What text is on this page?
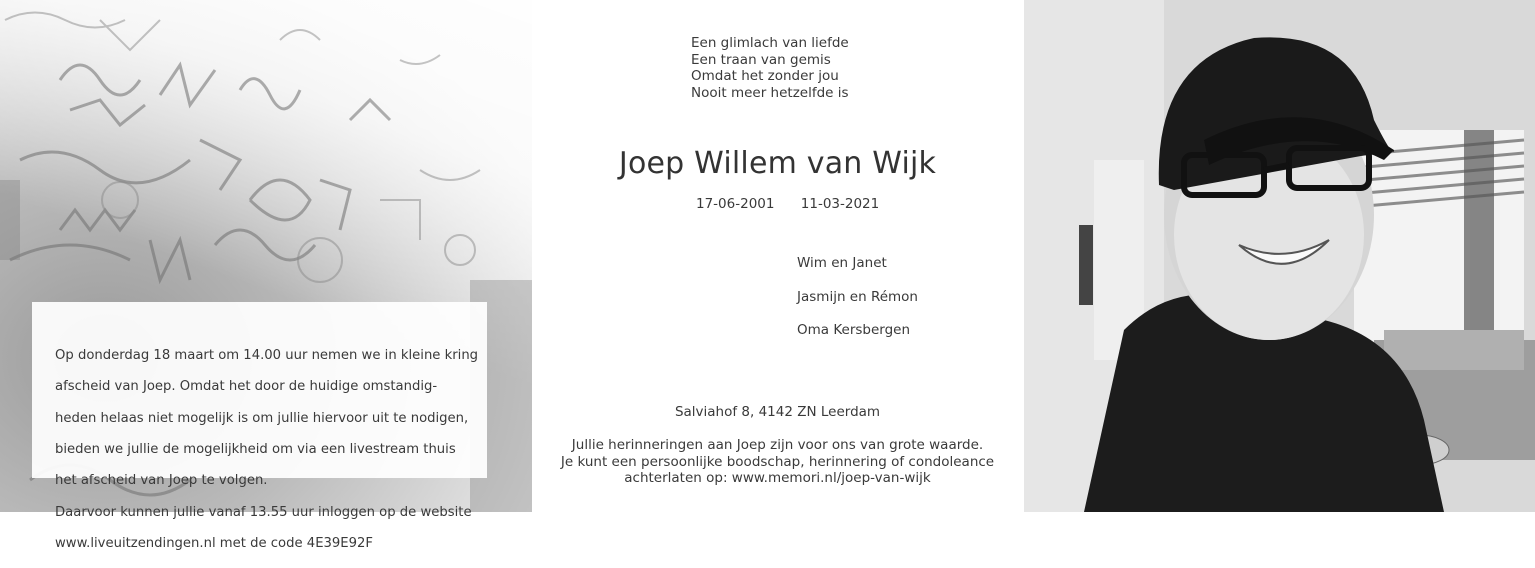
Op donderdag 18 maart om 14.00 uur nemen we in kleine kring

afscheid van Joep. Omdat het door de huidige omstandig-

heden helaas niet mogelijk is om jullie hiervoor uit te nodigen,

bieden we jullie de mogelijkheid om via een livestream thuis

het afscheid van Joep te volgen.

Daarvoor kunnen jullie vanaf 13.55 uur inloggen op de website

www.liveuitzendingen.nl met de code 4E39E92F

Een glimlach van liefde
Een traan van gemis
Omdat het zonder jou
Nooit meer hetzelfde is
Joep Willem van Wijk
17-06-2001 11-03-2021
Wim en Janet
Jasmijn en Rémon
Oma Kersbergen
Salviahof 8, 4142 ZN Leerdam
Jullie herinneringen aan Joep zijn voor ons van grote waarde.
Je kunt een persoonlijke boodschap, herinnering of condoleance
achterlaten op: www.memori.nl/joep-van-wijk
